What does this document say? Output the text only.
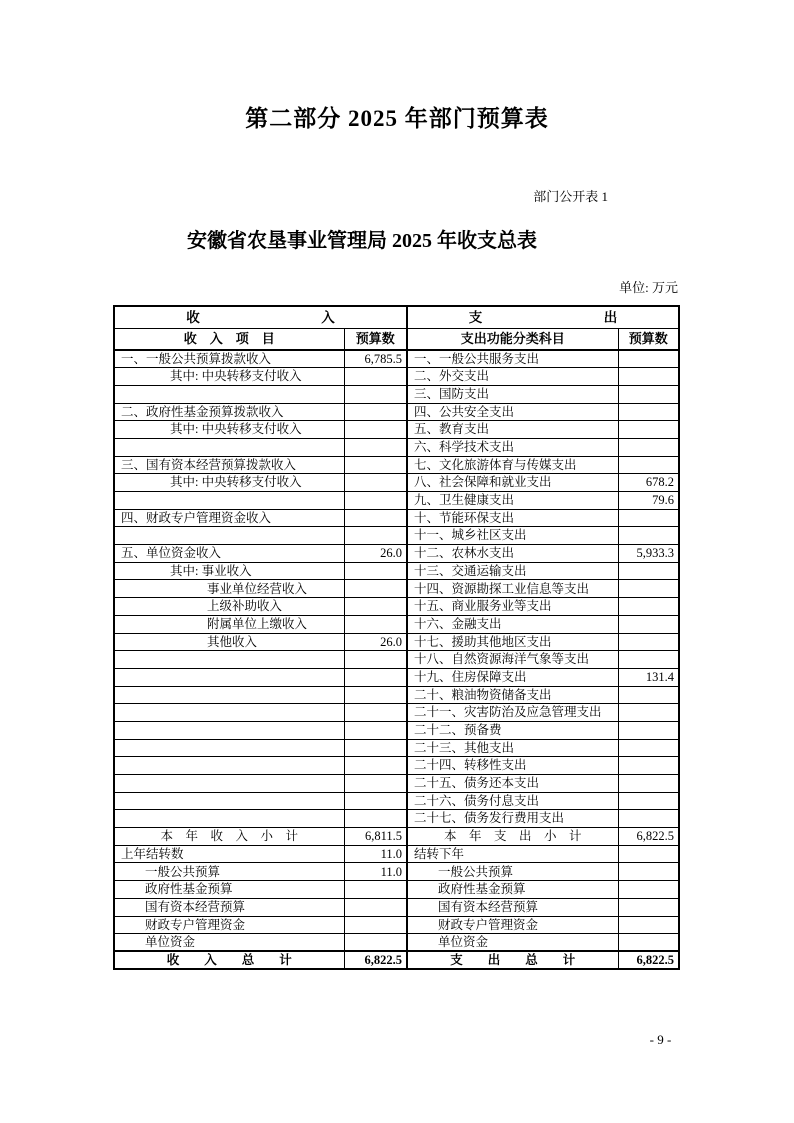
第二部分 2025 年部门预算表
部门公开表 1
安徽省农垦事业管理局 2025 年收支总表
单位: 万元
收　　　　　　　　　入		支　　　　　　　　　出	
收　入　项　目	预算数	支出功能分类科目	预算数
一、一般公共预算拨款收入	6,785.5	一、一般公共服务支出	
其中: 中央转移支付收入		二、外交支出	
		三、国防支出	
二、政府性基金预算拨款收入		四、公共安全支出	
其中: 中央转移支付收入		五、教育支出	
		六、科学技术支出	
三、国有资本经营预算拨款收入		七、文化旅游体育与传媒支出	
其中: 中央转移支付收入		八、社会保障和就业支出	678.2
		九、卫生健康支出	79.6
四、财政专户管理资金收入		十、节能环保支出	
		十一、城乡社区支出	
五、单位资金收入	26.0	十二、农林水支出	5,933.3
其中: 事业收入		十三、交通运输支出	
事业单位经营收入		十四、资源勘探工业信息等支出	
上级补助收入		十五、商业服务业等支出	
附属单位上缴收入		十六、金融支出	
其他收入	26.0	十七、援助其他地区支出	
		十八、自然资源海洋气象等支出	
		十九、住房保障支出	131.4
		二十、粮油物资储备支出	
		二十一、灾害防治及应急管理支出	
		二十二、预备费	
		二十三、其他支出	
		二十四、转移性支出	
		二十五、债务还本支出	
		二十六、债务付息支出	
		二十七、债务发行费用支出	
本　年　收　入　小　计	6,811.5	本　年　支　出　小　计	6,822.5
上年结转数	11.0	结转下年	
一般公共预算	11.0	一般公共预算	
政府性基金预算		政府性基金预算	
国有资本经营预算		国有资本经营预算	
财政专户管理资金		财政专户管理资金	
单位资金		单位资金	
收　　入　　总　　计	6,822.5	支　　出　　总　　计	6,822.5
- 9 -
